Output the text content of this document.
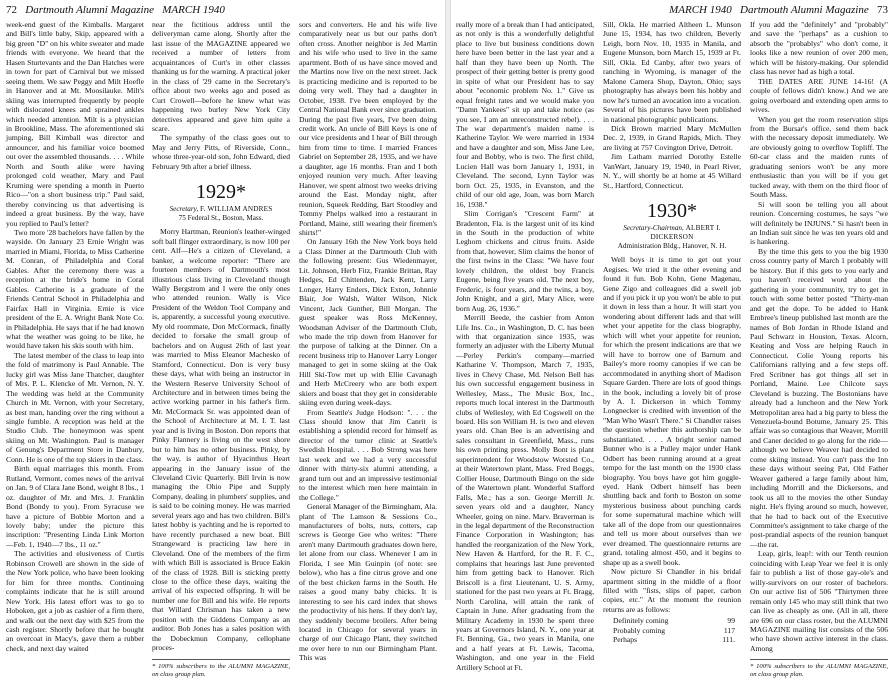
72 Dartmouth Alumni Magazine MARCH 1940

week-end guest of the Kimballs. Margaret and Bill's little baby, Skip, appeared with a big green "D" on his white sweater and made friends with everyone. We heard that the Hasen Sturtevants and the Dan Hatches were in town for part of Carnival but we missed seeing them. We saw Peggy and Milt Hoefle in Hanover and at Mt. Moosilauke. Milt's skiing was interrupted frequently by people with dislocated knees and sprained ankles which needed attention. Milt is a physician in Brookline, Mass. The aforementioned ski jumping, Bill Kimball was director and announcer, and his familiar voice boomed out over the assembled thousands. . . . While North and South alike were having prolonged cold weather, Mary and Paul Kruming were spending a month in Puerto Rico—"on a short business trip." Paul said, thereby convincing us that advertising is indeed a great business. By the way, have you replied to Paul's letter?

Two more '28 bachelors have fallen by the wayside. On January 23 Ernie Wright was married in Miami, Florida, to Miss Catherine M. Conran, of Philadelphia and Coral Gables. After the ceremony there was a reception at the bride's home in Coral Gables. Catherine is a graduate of the Friends Central School in Philadelphia and Fairfax Hall in Virginia. Ernie is vice president of the E. A. Wright Bank Note Co. in Philadelphia. He says that if he had known what the weather was going to be like, he would have taken his skis south with him.

The latest member of the class to leap into the fold of matrimony is Paul Annable. The lucky girl was Miss Jane Thatcher, daughter of Mrs. P. L. Klencke of Mt. Vernon, N. Y. The wedding was held at the Community Church in Mt. Vernon, with your Secretary, as best man, handing over the ring without a single fumble. A reception was held at the Studio Club. The honeymoon was spent skiing on Mt. Washington. Paul is manager of Genung's Department Store in Danbury, Conn. He is one of the top skiers in the class.

Birth equal marriages this month. From Rutland, Vermont, comes news of the arrival on Jan. 9 of Clara Jane Bond, weight 8 lbs., 1 oz. daughter of Mr. and Mrs. J. Franklin Bond (Bondy to you). From Syracuse we have a picture of Bobbie Morton and a lovely baby; under the picture this inscription: "Presenting Linda Link Morton—Feb. 1, 1940—7 lbs., 11 oz."

The activities and elusiveness of Curtis Robinson Crowell are shown in the side of the New York police, who have been looking for him for three months. Continuing complaints indicate that he is still around New York. His latest effort was to go to Hoboken, get a job as cashier of a firm there, and walk out the next day with $25 from the cash register. Shortly before that he bought an overcoat in Macy's, gave them a rubber check, and next day waited

near the fictitious address until the deliveryman came along. Shortly after the last issue of the MAGAZINE appeared we received a number of letters from acquaintances of Curt's in other classes thanking us for the warning. A practical joker in the class of '29 came in the Secretary's office about two weeks ago and posed as Curt Crowell—before he knew what was happening two burley New York City detectives appeared and gave him quite a scare.

The sympathy of the class goes out to May and Jerry Pitts, of Riverside, Conn., whose three-year-old son, John Edward, died February 9th after a brief illness.

1929*
Secretary, F. WILLIAM ANDRES
75 Federal St., Boston, Mass.

Morry Hartman, Reunion's leather-winged soft ball flinger extraordinary, is now 100 per cent. Alf—He's a citizen of Cleveland, a banker, a welcome reporter: "There are fourteen members of Dartmouth's most illustrious class living in Cleveland though Wally Bergstrom and I were the only ones who attended reunion. Wally is Vice President of the Weldon Tool Company and is, apparently, a successful young executive. My old roommate, Don McCormack, finally decided to forsake the small group of bachelors and on August 26th of last year was married to Miss Eleanor Machesko of Stamford, Connecticut. Don is very busy these days, what with being an instructor in the Western Reserve University School of Architecture and in between times being the active working partner in his father's firm. Mr. McCormack Sr. was appointed dean of the School of Architecture at M. I. T. last year and is living in Boston. Don reports that Pinky Flannery is living on the west shore but to him has no other business. Pinky, by the way, is author of Hyacinthus Heart appearing in the January issue of the Cleveland Civic Quarterly. Bill Irvin is now managing the Ohio Pipe and Supply Company, dealing in plumbers' supplies, and is said to be coining money. He was married several years ago and has two children. Bill's latest hobby is yachting and he is reported to have recently purchased a new boat. Bill Strangeward is practicing law here in Cleveland. One of the members of the firm with which Bill is associated is Bruce Eakin of the class of 1928. Bill is sticking pretty close to the office these days, waiting the arrival of his expected offspring. It will be number one for Bill and his wife. He reports that Willard Chrisman has taken a new position with the Giddens Company as an auditor. Bob Jones has a sales position with the Dobeckmun Company, cellophane proces-

* 100% subscribers to the ALUMNI MAGAZINE, on class group plan.

sors and converters. He and his wife live comparatively near us but our paths don't often cross. Another neighbor is Jed Martin and his wife who used to live in the same apartment. Both of us have since moved and the Martins now live on the next street. Jack is practicing medicine and is reported to be doing very well. They had a daughter in October, 1938. I've been employed by the Central National Bank ever since graduation. During the past five years, I've been doing credit work. An uncle of Bill Keys is one of our vice presidents and I hear of Bill through him from time to time. I married Frances Gabriel on September 28, 1935, and we have a daughter, age 16 months. Fran and I both enjoyed reunion very much. After leaving Hanover, we spent almost two weeks driving around the East. Monday night, after reunion, Squeek Redding, Bart Stoodley and Tommy Phelps walked into a restaurant in Portland, Maine, still wearing their firemen's shirts!"

On January 16th the New York boys held a Class Dinner at the Dartmouth Club with the following present: Gus Wiedenmayer, Lit. Johnson, Herb Fitz, Frankie Brittan, Ray Hedges, Ed Chittenden, Jack Kent, Larry Longer, Harry Enders, Dick Exton, Johnnie Blair, Joe Walsh, Walter Wilson, Nick Vincent, Jack Gunther, Bill Morgan. The guest speaker was Ross McKenney, Woodsman Adviser of the Dartmouth Club, who made the trip down from Hanover for the purpose of talking at the Dinner. On a recent business trip to Hanover Larry Longer managed to get in some skiing at the Oak Hill Ski-Tow met up with Ellie Cavanagh and Herb McCreery who are both expert skiers and boast that they get in considerable skiing even during week-days.

From Seattle's Judge Hodson: ". . . the Class should know that Jim Canrit is establishing a splendid record for himself as director of the tumor clinic at Seattle's Swedish Hospital. . . . Bob Strong was here last week and we had a very successful dinner with thirty-six alumni attending, a grand turn out and an impressive testimonial to the interest which men here maintain in the College."

General Manager of the Birmingham, Ala. plant of The Lamson & Sessions Co., manufacturers of bolts, nuts, cotters, cap screws is George Gee who writes: "There aren't many Dartmouth graduates down here, let alone from our class. Whenever I am in Florida, I see Min Guinpin (of note: see below), who has a fine citrus grove and one of the best chicken farms in the South. He raises a good many baby chicks. It is interesting to see his card index that shows the productivity of his hens. If they don't lay, they suddenly become broilers. After being located in Chicago for several years in charge of our Chicago Plant, they switched me over here to run our Birmingham Plant. This was

MARCH 1940 Dartmouth Alumni Magazine 73

really more of a break than I had anticipated, as not only is this a wonderfully delightful place to live but business conditions down here have been better in the last year and a half than they have been up North. The prospect of their getting better is pretty good in spite of what our President has to say about "economic problem No. 1." Give us equal freight rates and we would make you "Damn Yankees" sit up and take notice (as you see, I am an unreconstructed rebel). . . . The war department's maiden name is Katherine Taylor. We were married in 1934 and have a daughter and son, Miss Jane Lee, four and Bobby, who is two. The first child, Lucien Hall was born January 1, 1931, in Cleveland. The second, Lynn Taylor was born Oct. 25, 1935, in Evanston, and the child of our old age, Joan, was born March 16, 1938."

Slim Corrigan's "Crescent Farm" at Bradenton, Fla. is the largest unit of its kind in the South in the production of white Leghorn chickens and citrus fruits. Aside from that, however, Slim claims the honor of the first twins in the Class: "We have four lovely children, the oldest boy Francis Eugene, being five years old. The next boy, Frederic, is four years, and the twins, a boy, John Knight, and a girl, Mary Alice, were born Aug. 26, 1936."

Merrill Beede, the cashier from Anton Life Ins. Co., in Washington, D. C. has been with that organization since 1935, was formerly an adjuster with the Liberty Mutual—Perley Perkin's company—married Katharine V. Thompson, March 7, 1935, lives in Chevy Chase, Md. Nelson Bell has his own successful engagement business in Wellesley, Mass., The Music Box, Inc., reports much local interest in the Dartmouth clubs of Wellesley, with Ed Cogswell on the board. His son William H. is two and eleven years old. Chan Bee is an advertising and sales consultant in Greenfield, Mass., runs his own printing press. Molly Bont is plant superintendent for Woodstow Worsted Co., at their Watertown plant, Mass. Fred Boggs, Collier House, Dartmouth Bingo on the side of the Watertown plant. Wonderful Stafford Falls, Me.; has a son. George Merrill Jr. seven years old and a daughter, Nancy Wheeler, going on nine. Marv. Braverman is in the legal department of the Reconstruction Finance Corporation in Washington; has handled the reorganization of the New York, New Haven & Hartford, for the R. F. C., complains that hearings last June prevented him from getting back to Hanover. Rich Briscoll is a first Lieutenant, U. S. Army, stationed for the past two years at Ft. Bragg, North Carolina, will attain the rank of Captain in June. After graduating from the Military Academy in 1930 he spent three years at Governors Island, N. Y., one year at Ft. Benning, Ga., two years in Manila, one and a half years at Ft. Lewis, Tacoma, Washington, and one year in the Field Artillery School at Ft.

Sill, Okla. He married Altheen L. Munson June 15, 1934, has two children, Beverly Leigh, born Nov. 10, 1935 in Manila, and Eugene Munson, born March 15, 1939 at Ft. Sill, Okla. Ed Canby, after two years of ranching in Wyoming, is manager of the Malone Camera Shop, Dayton, Ohio; says photography has always been his hobby and now he's turned an avocation into a vocation. Several of his pictures have been published in national photographic publications.

Dick Brown married Mary McMullen Dec. 2, 1939, in Grand Rapids, Mich. They are living at 757 Covington Drive, Detroit.

Jim Latham married Dorothy Estelle VanWart, January 19, 1940, in Pearl River, N. Y., will shortly be at home at 45 Willard St., Hartford, Connecticut.

1930*
Secretary-Chairman, ALBERT I. DICKERSON
Administration Bldg., Hanover, N. H.

Well boys it is time to get out your Aegises. We tried it the other evening and found it fun. Bob Kohn, Gene Magenau, Gene Zigo and colleagues did a swell job and if you pick it up you won't be able to put it down in less than a hour. It will start you wondering about different lads and that will whet your appetite for the class biography, which will whet your appetite for reunion, for which the present indications are that we will have to borrow one of Barnum and Bailey's more roomy canopies if we can be accommodated in anything short of Madison Square Garden. There are lots of good things in the book, including a lovely bit of prose by A. I. Dickerson in which Tommy Longnecker is credited with invention of the "Man Who Wasn't There." Si Chandler raises the question whether this authorship can be substantiated. . . . A bright senior named Bunner who is a Pulley major under Hank Odbert has been running around at a great tempo for the last month on the 1930 class biography. You boys have got him goggle-eyed. Hank Odbert himself has been shuttling back and forth to Boston on some mysterious business about punching cards for some supernatural machine which will take all of the dope from our questionnaires and tell us more about ourselves than we ever dreamed. The questionnaire returns are grand, totaling almost 450, and it begins to shape up as a swell book.

Now picture Si Chandler in his bridal apartment sitting in the middle of a floor filled with "fists, slips of paper, carbon copies, etc." At the moment the reunion returns are as follows:

Definitely coming	99
Probably coming	117
Perhaps	111.

If you add the "definitely" and "probably" and save the "perhaps" as a cushion to absorb the "probablys" who don't come, it looks like a new reunion of over 200 men, which will be history-making. Our splendid class has never had as high a total.

THE DATES ARE JUNE 14-16! (A couple of fellows didn't know.) And we are going overboard and extending open arms to wives.

When you get the room reservation slips from the Bursar's office, send them back with the necessary deposit immediately. We are obviously going to overflow Topliff. The 60-car class and the maiden runts of graduating seniors won't be any more enthusiastic than you will be if you get tucked away, with them on the third floor of South Mass.

Si will soon be telling you all about reunion. Concerning costumes, he says "we will definitely be INJUNS." Si hasn't been in an Indian suit since he was ten years old and is hankering.

By the time this gets to you the big 1930 cross country party of March 1 probably will be history. But if this gets to you early and you haven't received word about the gathering in your community, try to get in touch with some better posted "Thirty-man and get the dope. To be added to Hank Embree's lineup published last month are the names of Bob Jordan in Rhode Island and Paul Schwarz in Houston, Texas. Alcorn, Keating and Voss are helping Rauch in Connecticut. Colie Young reports his Californians rallying and a few steps off. Fred Scribner has got things all set in Portland, Maine. Lee Chilcote says Cleveland is buzzing. The Bostonians have already had a luncheon and the New York Metropolitan area had a big party to bless the Venezuela-bound Botume, January 25. This affair was so contagious that Weaver, Morrill and Caner decided to go along for the ride—although we believe Weaver had decided to come skiing instead. You can't pass the Inn these days without seeing Pat, Old Father Weaver gathered a large family about him, including Morrill and the Dickersons, and took us all to the movies the other Sunday night. He's flying around so much, however, that he had to back out of the Executive Committee's assignment to take charge of the post-prandial aspects of the reunion banquet—the rat.

Leap, girls, leap!: with our Tenth reunion coinciding with Leap Year we feel it is only fair to publish a list of those gay-ole's and willy-survivors on our roster of bachelors. On our active list of 506 "Thirtymen three remain only 145 who may still think that two can live as cheaply as one. (All in all, there are 696 on our class roster, but the ALUMNI MAGAZINE mailing list consists of the 506 who have shown active interest in the class. Among

* 100% subscribers to the ALUMNI MAGAZINE, on class group plan.
